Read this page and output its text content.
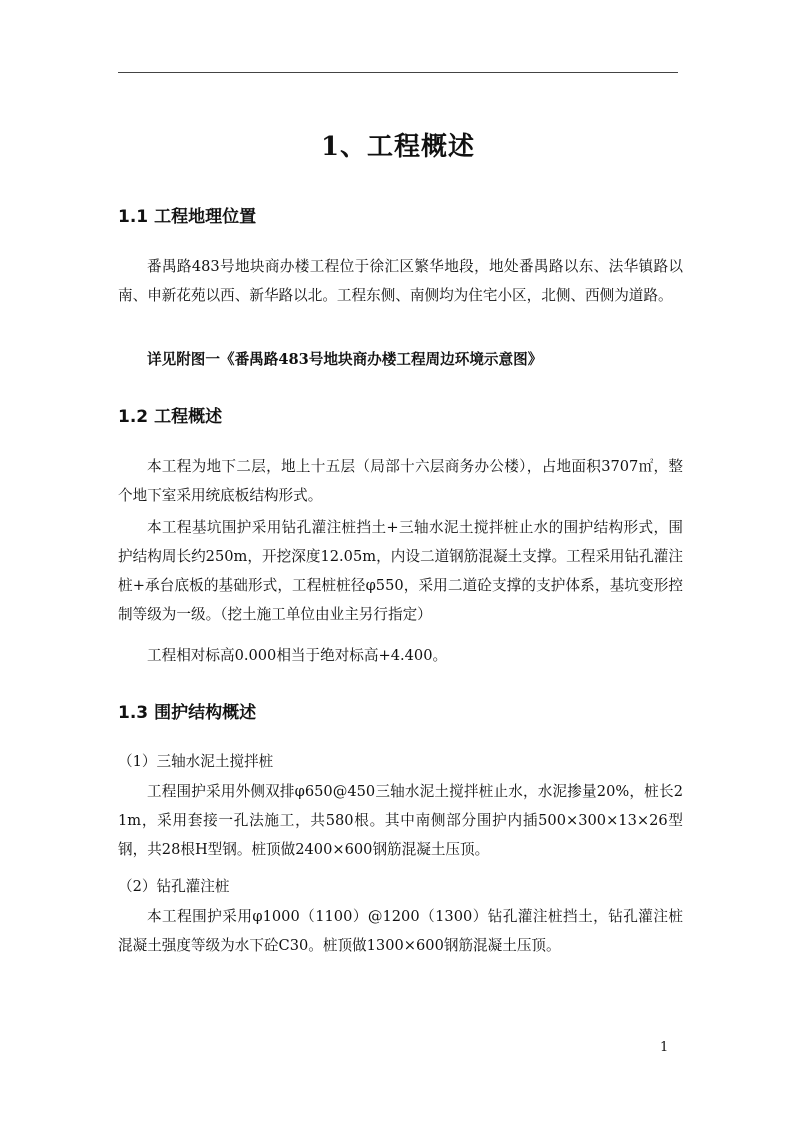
1、工程概述
1.1 工程地理位置

番禺路483号地块商办楼工程位于徐汇区繁华地段，地处番禺路以东、法华镇路以南、申新花苑以西、新华路以北。工程东侧、南侧均为住宅小区，北侧、西侧为道路。

详见附图一《番禺路483号地块商办楼工程周边环境示意图》

1.2 工程概述

本工程为地下二层，地上十五层（局部十六层商务办公楼），占地面积3707㎡，整个地下室采用统底板结构形式。

本工程基坑围护采用钻孔灌注桩挡土+三轴水泥土搅拌桩止水的围护结构形式，围护结构周长约250m，开挖深度12.05m，内设二道钢筋混凝土支撑。工程采用钻孔灌注桩+承台底板的基础形式，工程桩桩径φ550，采用二道砼支撑的支护体系，基坑变形控制等级为一级。（挖土施工单位由业主另行指定）

工程相对标高0.000相当于绝对标高+4.400。

1.3 围护结构概述

（1）三轴水泥土搅拌桩

工程围护采用外侧双排φ650@450三轴水泥土搅拌桩止水，水泥掺量20%，桩长21m，采用套接一孔法施工，共580根。其中南侧部分围护内插500×300×13×26型钢，共28根H型钢。桩顶做2400×600钢筋混凝土压顶。

（2）钻孔灌注桩

本工程围护采用φ1000（1100）@1200（1300）钻孔灌注桩挡土，钻孔灌注桩混凝土强度等级为水下砼C30。桩顶做1300×600钢筋混凝土压顶。

1
